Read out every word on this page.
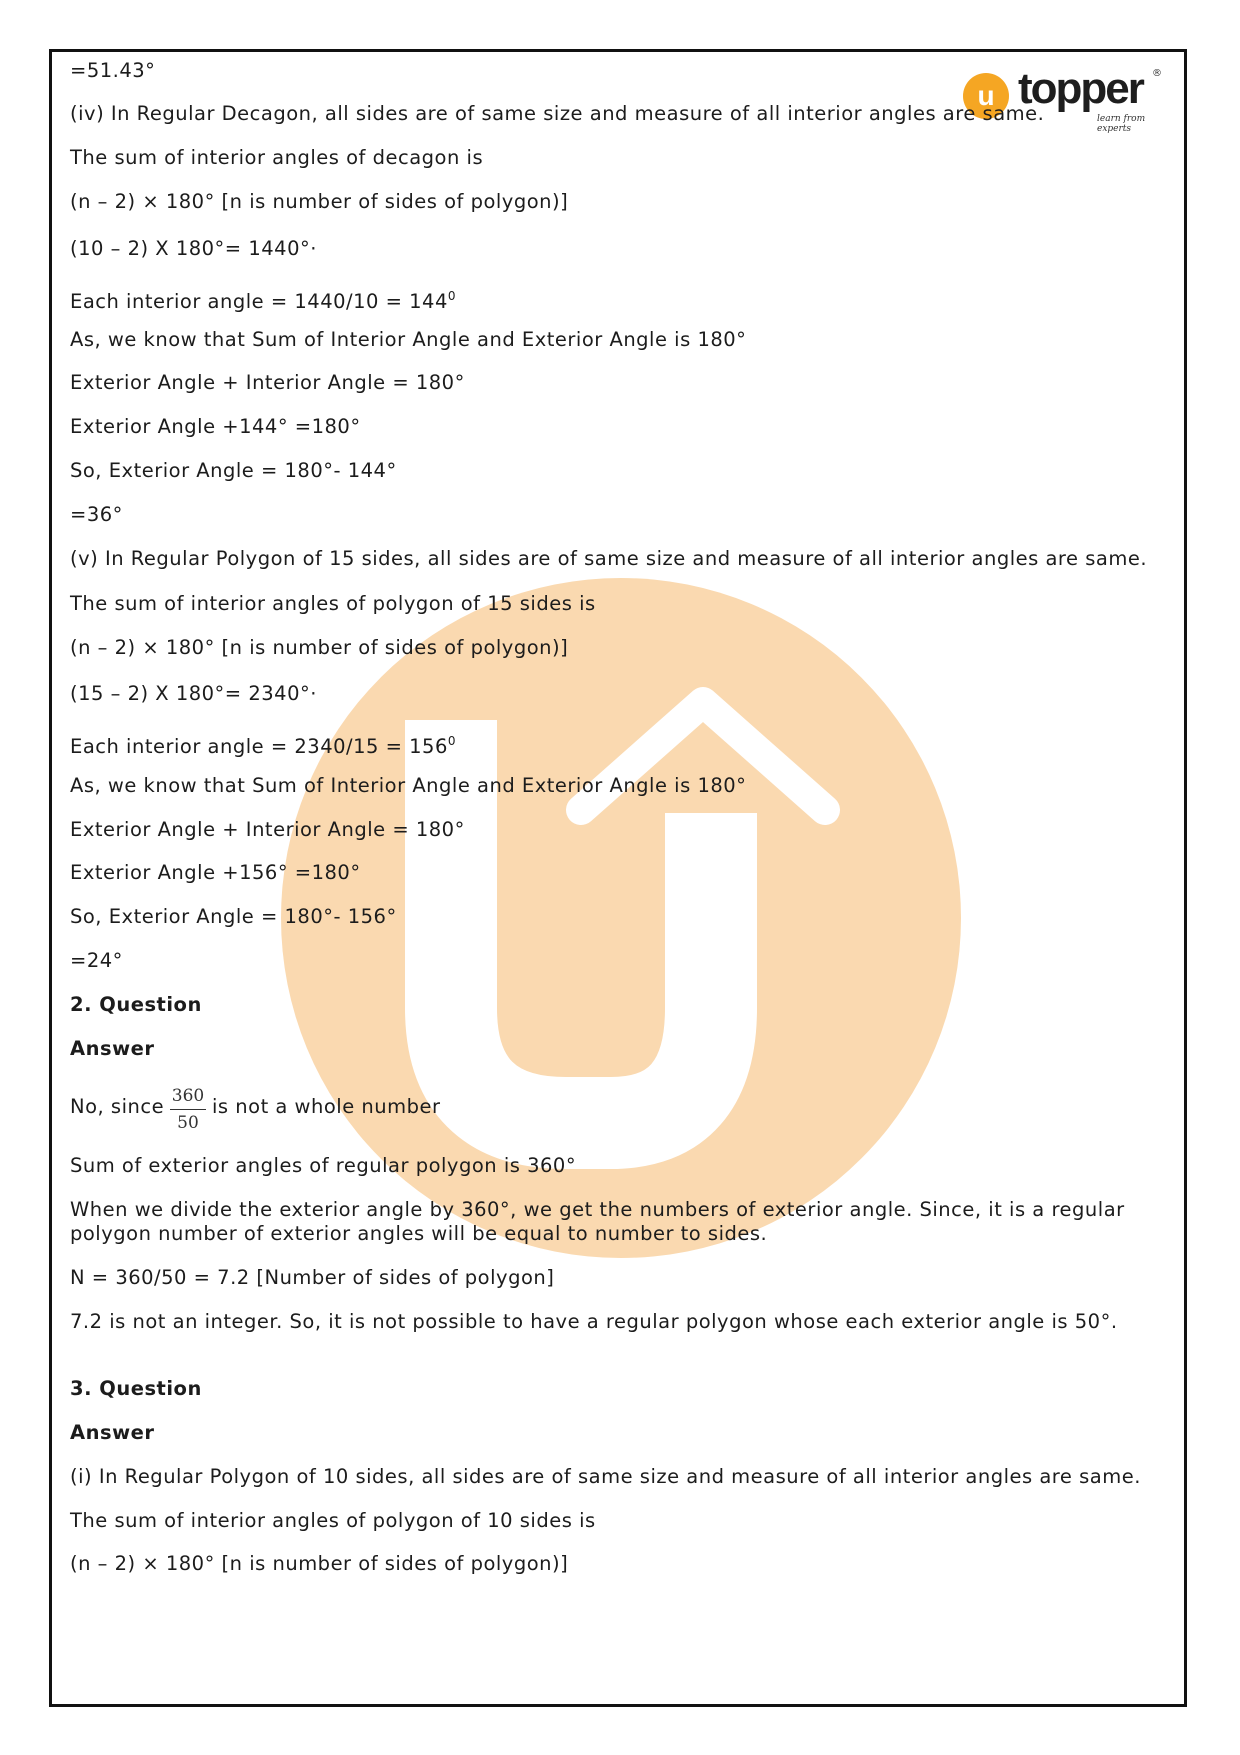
u topper
learn from experts
®
=51.43°
(iv) In Regular Decagon, all sides are of same size and measure of all interior angles are same.
The sum of interior angles of decagon is
(n – 2) × 180° [n is number of sides of polygon)]
(10 – 2) X 180°= 1440°·
Each interior angle = $1440/10 = 144^0$
As, we know that Sum of Interior Angle and Exterior Angle is 180°
Exterior Angle + Interior Angle = 180°
Exterior Angle +144° =180°
So, Exterior Angle = 180°- 144°
=36°
(v) In Regular Polygon of 15 sides, all sides are of same size and measure of all interior angles are same.
The sum of interior angles of polygon of 15 sides is
(n – 2) × 180° [n is number of sides of polygon)]
(15 – 2) X 180°= 2340°·
Each interior angle = $2340/15 = 156^0$
As, we know that Sum of Interior Angle and Exterior Angle is 180°
Exterior Angle + Interior Angle = 180°
Exterior Angle +156° =180°
So, Exterior Angle = 180°- 156°
=24°
2. Question
Answer
No, since $\frac{360}{50}$ is not a whole number
Sum of exterior angles of regular polygon is 360°
When we divide the exterior angle by 360°, we get the numbers of exterior angle. Since, it is a regular polygon number of exterior angles will be equal to number to sides.
N = 360/50 = 7.2 [Number of sides of polygon]
7.2 is not an integer. So, it is not possible to have a regular polygon whose each exterior angle is 50°.
3. Question
Answer
(i) In Regular Polygon of 10 sides, all sides are of same size and measure of all interior angles are same.
The sum of interior angles of polygon of 10 sides is
(n – 2) × 180° [n is number of sides of polygon)]
